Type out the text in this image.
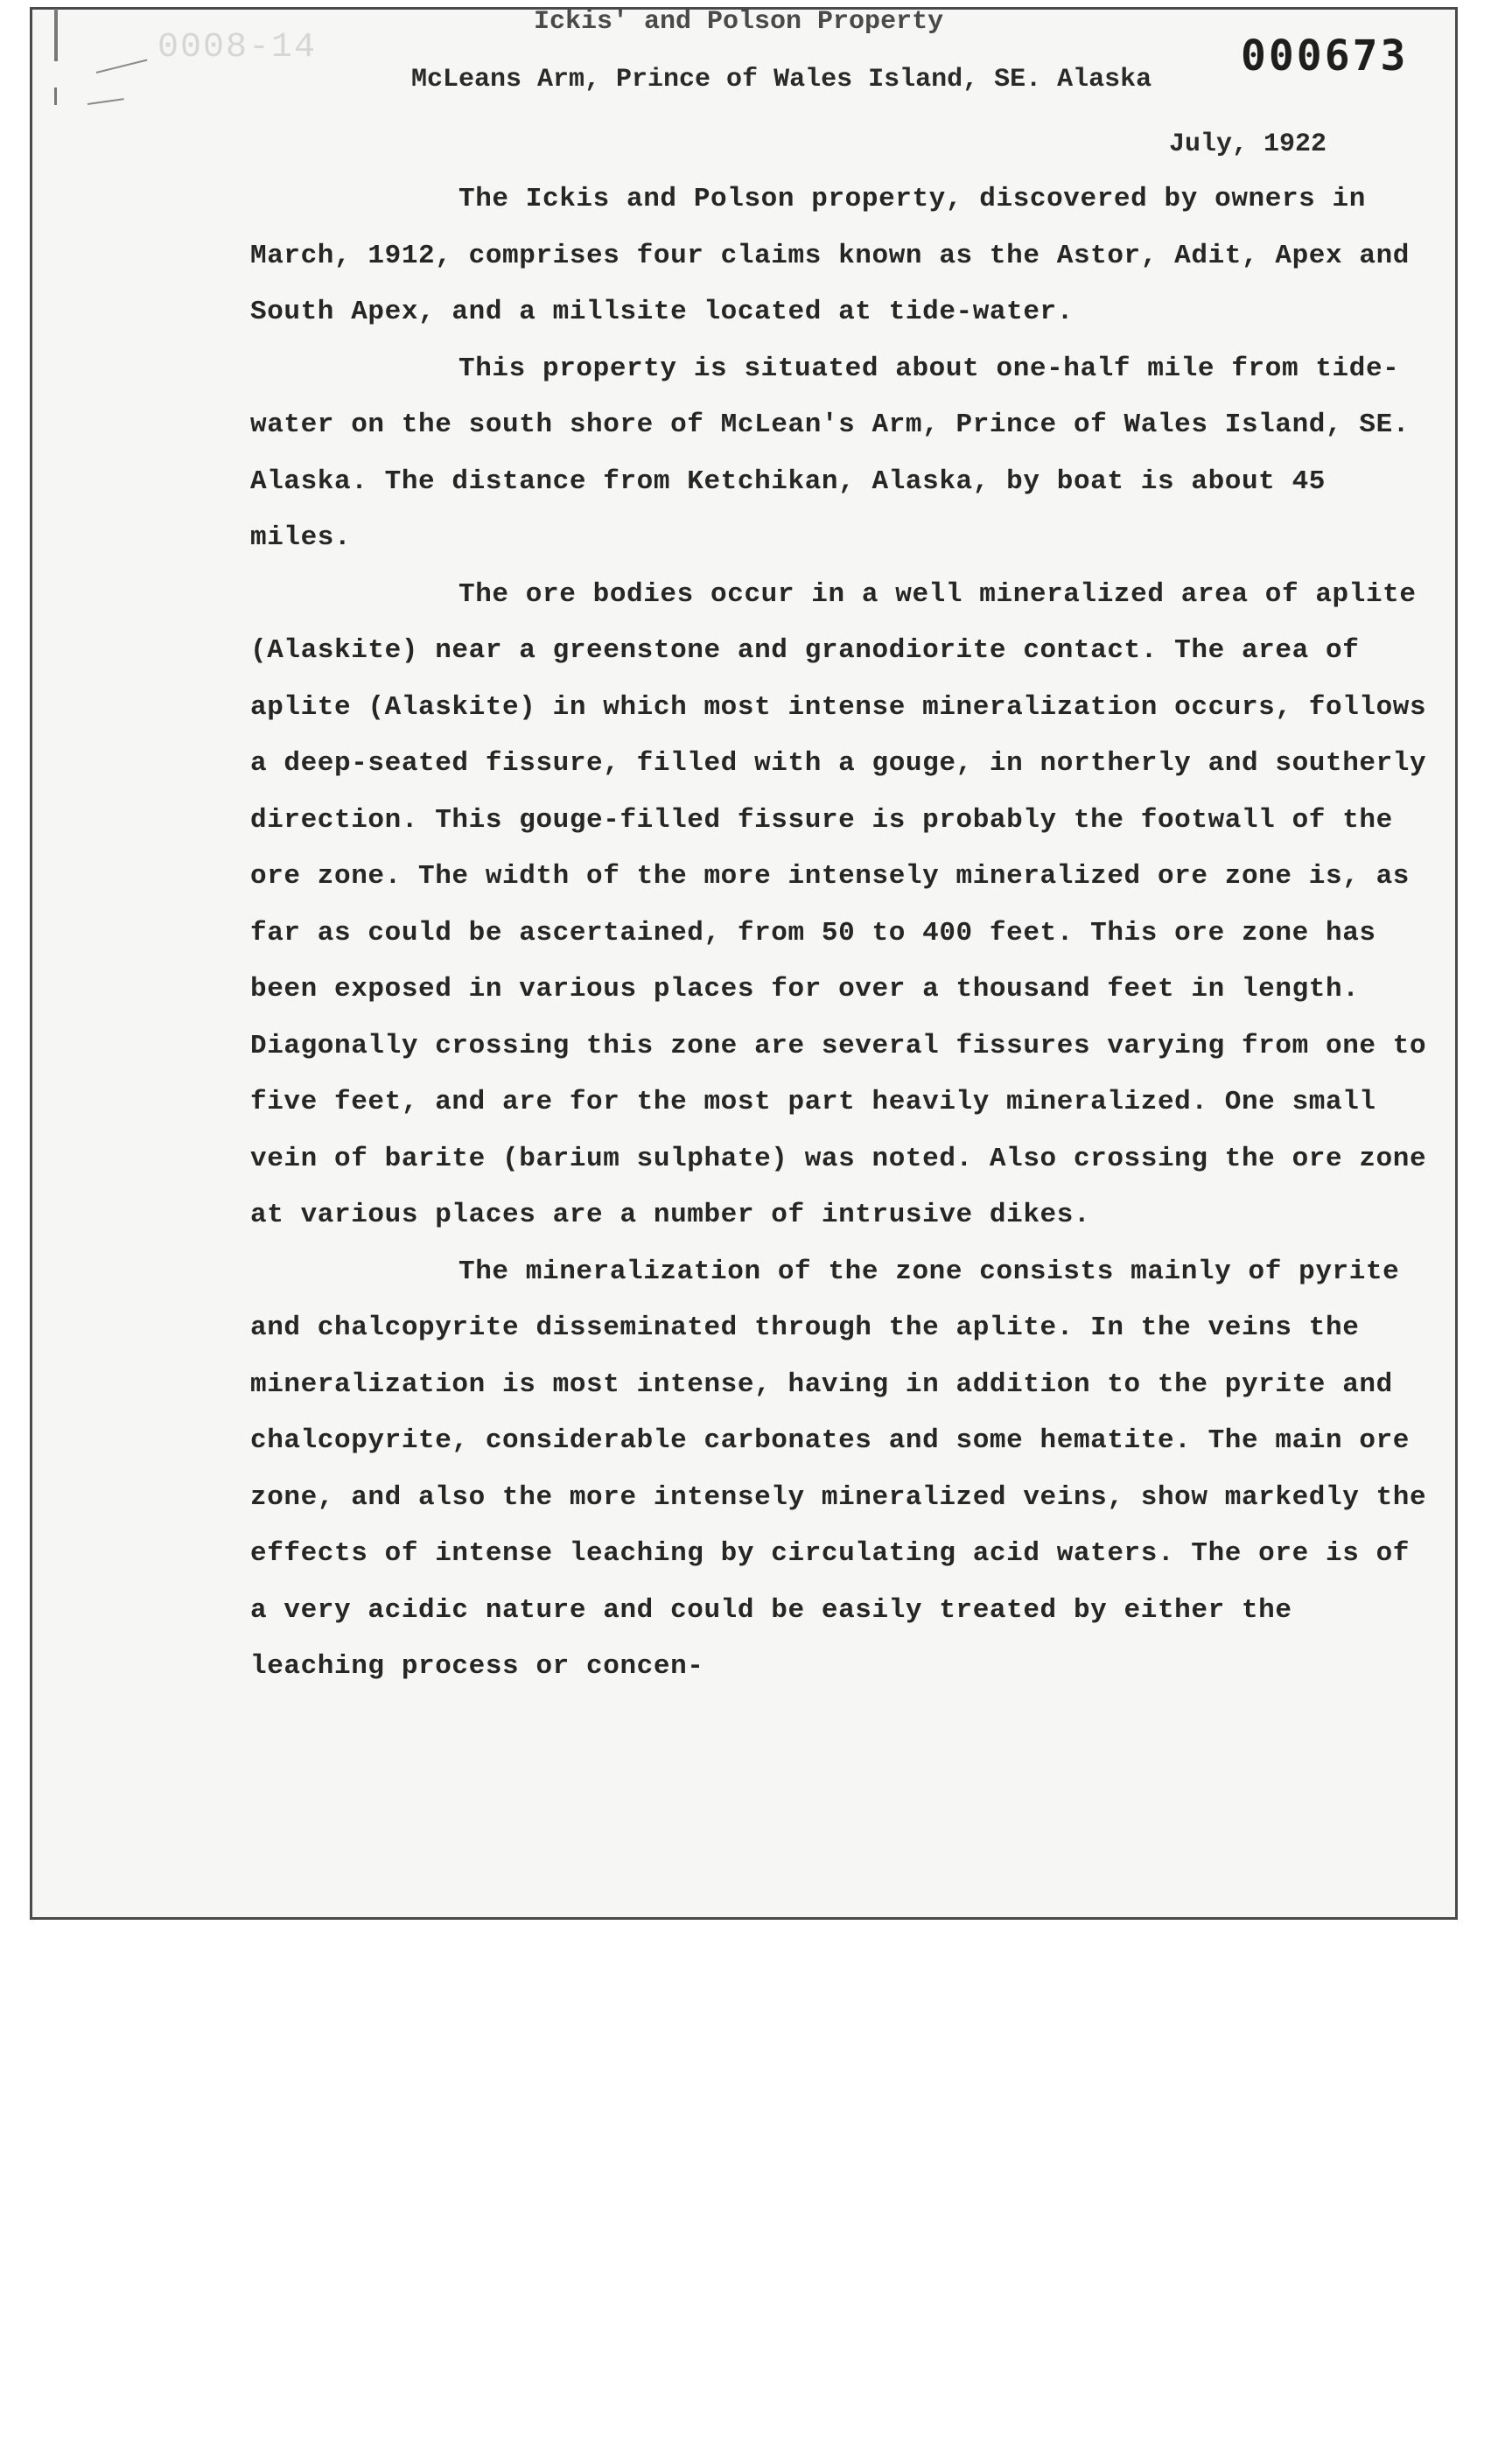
0008-14	000673
Ickis' and Polson Property
McLeans Arm, Prince of Wales Island, SE. Alaska
July, 1922

The Ickis and Polson property, discovered by owners in March, 1912, comprises four claims known as the Astor, Adit, Apex and South Apex, and a millsite located at tide-water.

This property is situated about one-half mile from tide-water on the south shore of McLean's Arm, Prince of Wales Island, SE. Alaska. The distance from Ketchikan, Alaska, by boat is about 45 miles.

The ore bodies occur in a well mineralized area of aplite (Alaskite) near a greenstone and granodiorite contact. The area of aplite (Alaskite) in which most intense mineralization occurs, follows a deep-seated fissure, filled with a gouge, in northerly and southerly direction. This gouge-filled fissure is probably the footwall of the ore zone. The width of the more intensely mineralized ore zone is, as far as could be ascertained, from 50 to 400 feet. This ore zone has been exposed in various places for over a thousand feet in length. Diagonally crossing this zone are several fissures varying from one to five feet, and are for the most part heavily mineralized. One small vein of barite (barium sulphate) was noted. Also crossing the ore zone at various places are a number of intrusive dikes.

The mineralization of the zone consists mainly of pyrite and chalcopyrite disseminated through the aplite. In the veins the mineralization is most intense, having in addition to the pyrite and chalcopyrite, considerable carbonates and some hematite. The main ore zone, and also the more intensely mineralized veins, show markedly the effects of intense leaching by circulating acid waters. The ore is of a very acidic nature and could be easily treated by either the leaching process or concen-
